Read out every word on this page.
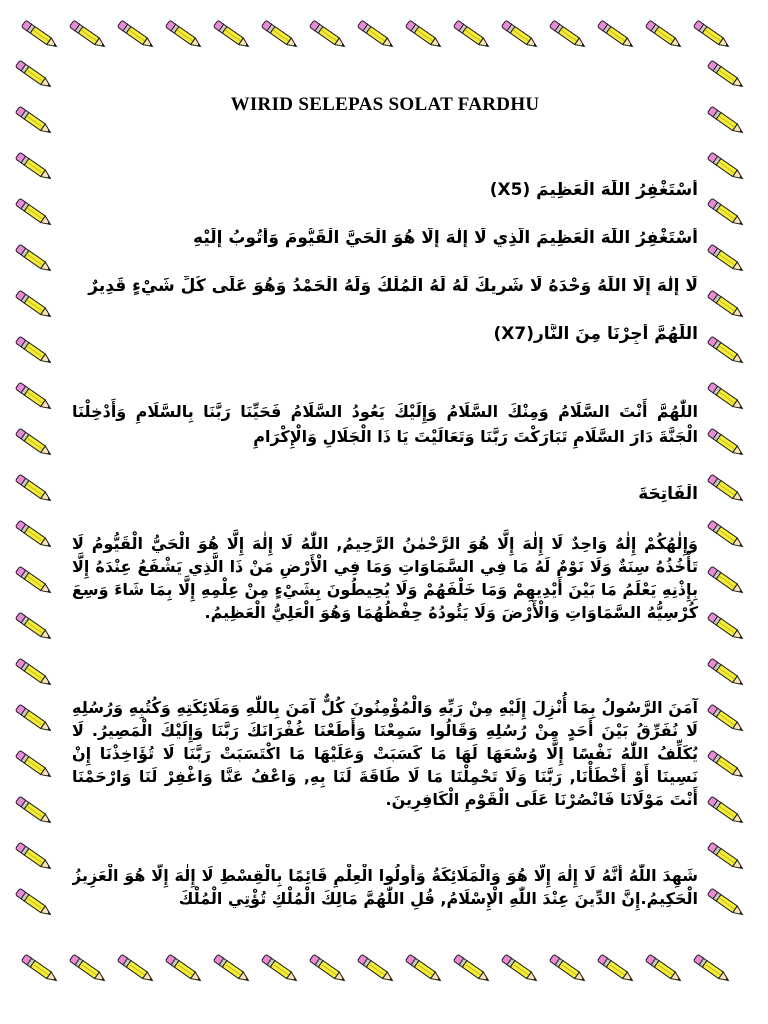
WIRID SELEPAS SOLAT FARDHU
أَسْتَغْفِرُ اللّٰهَ الْعَظِيمَ (X5)
أَسْتَغْفِرُ اللّٰهَ الْعَظِيمَ الَّذِي لَا إِلٰهَ إِلَّا هُوَ الْحَيَّ الْقَيُّومَ وَأَتُوبُ إِلَيْهِ
لَا إِلٰهَ إِلَّا اللّٰهُ وَحْدَهُ لَا شَرِيكَ لَهُ لَهُ الْمُلْكُ وَلَهُ الْحَمْدُ وَهُوَ عَلَى كُلِّ شَيْءٍ قَدِيرٌ
اللّٰهُمَّ أَجِرْنَا مِنَ النَّارِ(X7)
اللّٰهُمَّ أَنْتَ السَّلَامُ وَمِنْكَ السَّلَامُ وَإِلَيْكَ يَعُودُ السَّلَامُ فَحَيِّنَا رَبَّنَا بِالسَّلَامِ وَأَدْخِلْنَا الْجَنَّةَ دَارَ السَّلَامِ تَبَارَكْتَ رَبَّنَا وَتَعَالَيْتَ يَا ذَا الْجَلَالِ وَالْإِكْرَامِ
الْفَاتِحَةَ
وَإِلٰهُكُمْ إِلٰهٌ وَاحِدٌ لَا إِلٰهَ إِلَّا هُوَ الرَّحْمٰنُ الرَّحِيمُ, اللّٰهُ لَا إِلٰهَ إِلَّا هُوَ الْحَيُّ الْقَيُّومُ لَا تَأْخُذُهُ سِنَةٌ وَلَا نَوْمٌ لَهُ مَا فِي السَّمَاوَاتِ وَمَا فِي الْأَرْضِ مَنْ ذَا الَّذِي يَشْفَعُ عِنْدَهُ إِلَّا بِإِذْنِهِ يَعْلَمُ مَا بَيْنَ أَيْدِيهِمْ وَمَا خَلْفَهُمْ وَلَا يُحِيطُونَ بِشَيْءٍ مِنْ عِلْمِهِ إِلَّا بِمَا شَاءَ وَسِعَ كُرْسِيُّهُ السَّمَاوَاتِ وَالْأَرْضَ وَلَا يَئُودُهُ حِفْظُهُمَا وَهُوَ الْعَلِيُّ الْعَظِيمُ.
آمَنَ الرَّسُولُ بِمَا أُنْزِلَ إِلَيْهِ مِنْ رَبِّهِ وَالْمُؤْمِنُونَ كُلٌّ آمَنَ بِاللّٰهِ وَمَلَائِكَتِهِ وَكُتُبِهِ وَرُسُلِهِ لَا نُفَرِّقُ بَيْنَ أَحَدٍ مِنْ رُسُلِهِ وَقَالُوا سَمِعْنَا وَأَطَعْنَا غُفْرَانَكَ رَبَّنَا وَإِلَيْكَ الْمَصِيرُ. لَا يُكَلِّفُ اللّٰهُ نَفْسًا إِلَّا وُسْعَهَا لَهَا مَا كَسَبَتْ وَعَلَيْهَا مَا اكْتَسَبَتْ رَبَّنَا لَا تُؤَاخِذْنَا إِنْ نَسِينَا أَوْ أَخْطَأْنَا, رَبَّنَا وَلَا تَحْمِلْنَا مَا لَا طَاقَةَ لَنَا بِهِ, وَاعْفُ عَنَّا وَاغْفِرْ لَنَا وَارْحَمْنَا أَنْتَ مَوْلَانَا فَانْصُرْنَا عَلَى الْقَوْمِ الْكَافِرِينَ.
شَهِدَ اللّٰهُ أَنَّهُ لَا إِلٰهَ إِلَّا هُوَ وَالْمَلَائِكَةُ وَأُولُوا الْعِلْمِ قَائِمًا بِالْقِسْطِ لَا إِلٰهَ إِلَّا هُوَ الْعَزِيزُ الْحَكِيمُ.إِنَّ الدِّينَ عِنْدَ اللّٰهِ الْإِسْلَامُ, قُلِ اللّٰهُمَّ مَالِكَ الْمُلْكِ تُؤْتِي الْمُلْكَ
